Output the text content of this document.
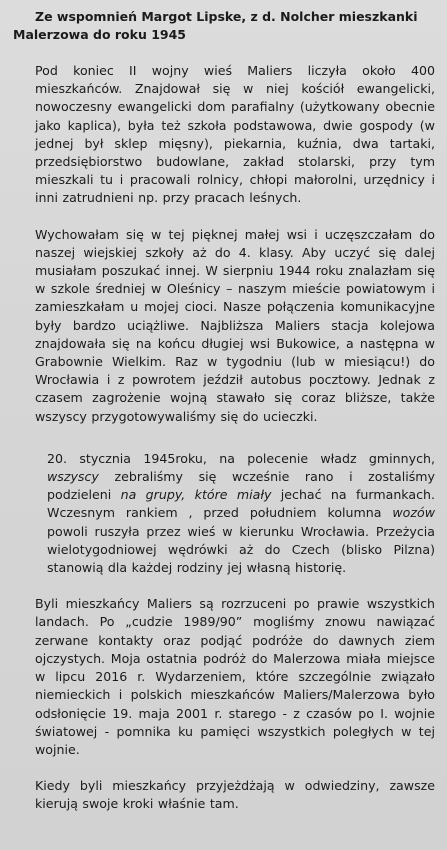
Ze wspomnień Margot Lipske, z d. Nolcher mieszkanki
Malerzowa do roku 1945

Pod koniec II wojny wieś Maliers liczyła około 400 mieszkańców. Znajdował się w niej kościół ewangelicki, nowoczesny ewangelicki dom parafialny (użytkowany obecnie jako kaplica), była też szkoła podstawowa, dwie gospody (w jednej był sklep mięsny), piekarnia, kuźnia, dwa tartaki, przedsiębiorstwo budowlane, zakład stolarski, przy tym mieszkali tu i pracowali rolnicy, chłopi małorolni, urzędnicy i inni zatrudnieni np. przy pracach leśnych.

Wychowałam się w tej pięknej małej wsi i uczęszczałam do naszej wiejskiej szkoły aż do 4. klasy. Aby uczyć się dalej musiałam poszukać innej. W sierpniu 1944 roku znalazłam się w szkole średniej w Oleśnicy – naszym mieście powiatowym i zamieszkałam u mojej cioci. Nasze połączenia komunikacyjne były bardzo uciążliwe. Najbliższa Maliers stacja kolejowa znajdowała się na końcu długiej wsi Bukowice, a następna w Grabownie Wielkim. Raz w tygodniu (lub w miesiącu!) do Wrocławia i z powrotem jeździł autobus pocztowy. Jednak z czasem zagrożenie wojną stawało się coraz bliższe, także wszyscy przygotowywaliśmy się do ucieczki.

20. stycznia 1945roku, na polecenie władz gminnych, wszyscy zebraliśmy się wcześnie rano i zostaliśmy podzieleni na grupy, które miały jechać na furmankach. Wczesnym rankiem , przed południem kolumna wozów powoli ruszyła przez wieś w kierunku Wrocławia. Przeżycia wielotygodniowej wędrówki aż do Czech (blisko Pilzna) stanowią dla każdej rodziny jej własną historię.

Byli mieszkańcy Maliers są rozrzuceni po prawie wszystkich landach. Po „cudzie 1989/90” mogliśmy znowu nawiązać zerwane kontakty oraz podjąć podróże do dawnych ziem ojczystych. Moja ostatnia podróż do Malerzowa miała miejsce w lipcu 2016 r. Wydarzeniem, które szczególnie związało niemieckich i polskich mieszkańców Maliers/Malerzowa było odsłonięcie 19. maja 2001 r. starego - z czasów po I. wojnie światowej - pomnika ku pamięci wszystkich poległych w tej wojnie.

Kiedy byli mieszkańcy przyjeżdżają w odwiedziny, zawsze kierują swoje kroki właśnie tam.
